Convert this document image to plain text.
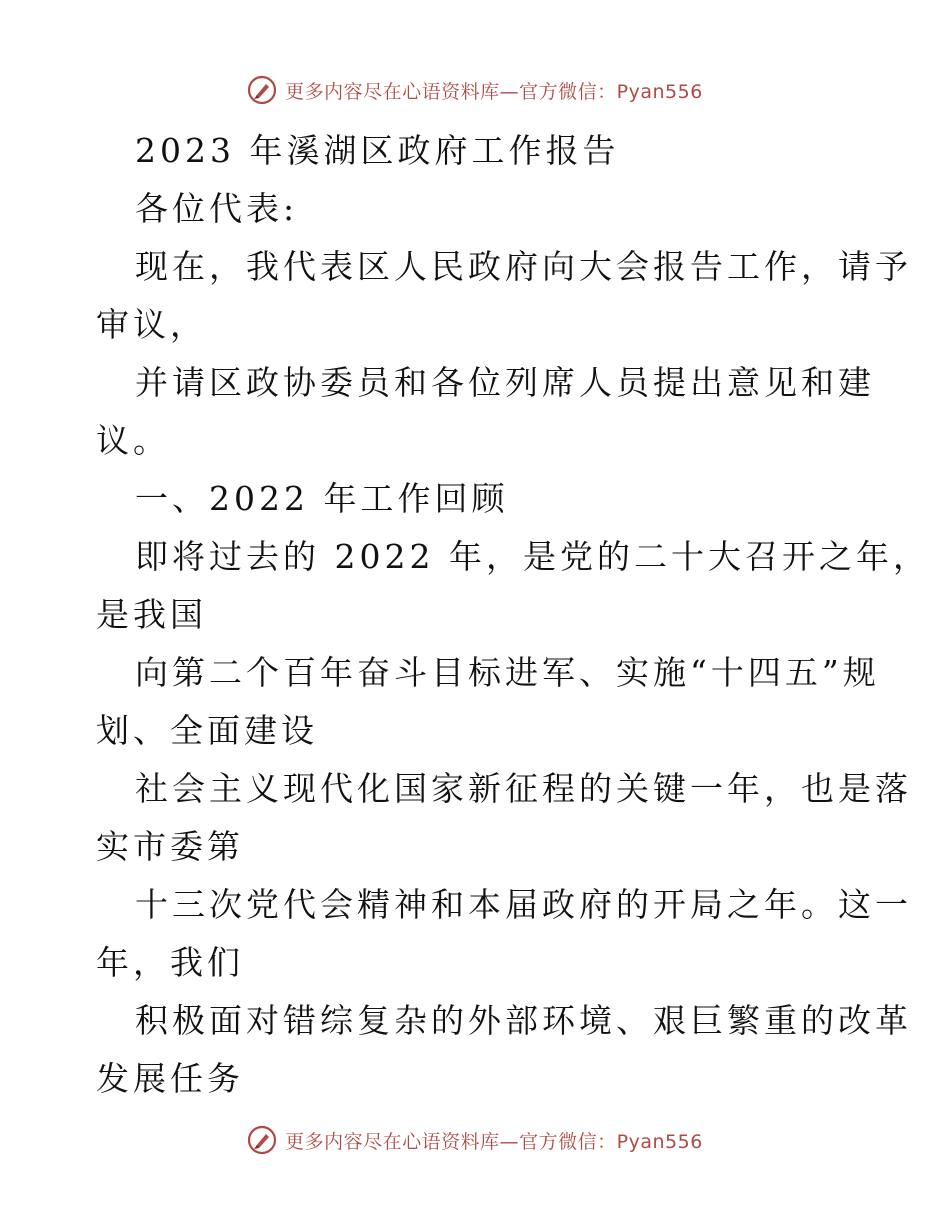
更多内容尽在心语资料库—官方微信：Pyan556
2023 年溪湖区政府工作报告
各位代表:
现在，我代表区人民政府向大会报告工作，请予
审议，
并请区政协委员和各位列席人员提出意见和建
议。
一、2022 年工作回顾
即将过去的 2022 年，是党的二十大召开之年，
是我国
向第二个百年奋斗目标进军、实施“十四五”规
划、全面建设
社会主义现代化国家新征程的关键一年，也是落
实市委第
十三次党代会精神和本届政府的开局之年。这一
年，我们
积极面对错综复杂的外部环境、艰巨繁重的改革
发展任务
更多内容尽在心语资料库—官方微信：Pyan556
